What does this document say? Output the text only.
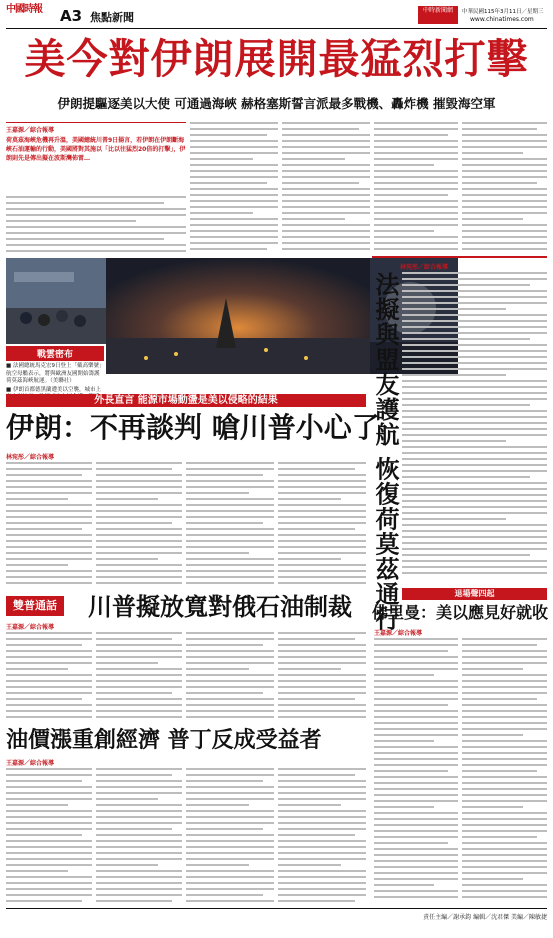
中國時報 A3 焦點新聞
中時新聞網	中華民國115年3月11日／星期三
www.chinatimes.com
美今對伊朗展開最猛烈打擊
伊朗提驅逐美以大使 可通過海峽 赫格塞斯誓言派最多戰機、轟炸機 摧毀海空軍
王嘉源／綜合報導
荷莫茲海峽危機再升溫，美國總統川普9日揚言，若伊朗在伊朗斷海峽石油運輸的行動，美國將對其施以「比以往猛烈20倍的打擊」，伊朗則先是傳出擬在波斯灣佈雷…
戰雲密布
■ 法國總統馬克宏9日登上「戴高樂號」航空母艦表示，將與歐洲友國開始籌護荷莫茲海峽航運。（美聯社）
■ 伊朗首都德黑蘭遭美以空襲，城市上
林宛彤／綜合報導
法擬與盟友護航 恢復荷莫茲通行
外長直言 能源市場動盪是美以侵略的結果
伊朗：不再談判 嗆川普小心了
林宛彤／綜合報導
雙普通話 川普擬放寬對俄石油制裁
王嘉源／綜合報導
退場聲四起
佛里曼：美以應見好就收
王嘉源／綜合報導
油價漲重創經濟 普丁反成受益者
王嘉源／綜合報導
責任主編／謝承鈞 編輯／沈君傑 美編／陳敏捷
